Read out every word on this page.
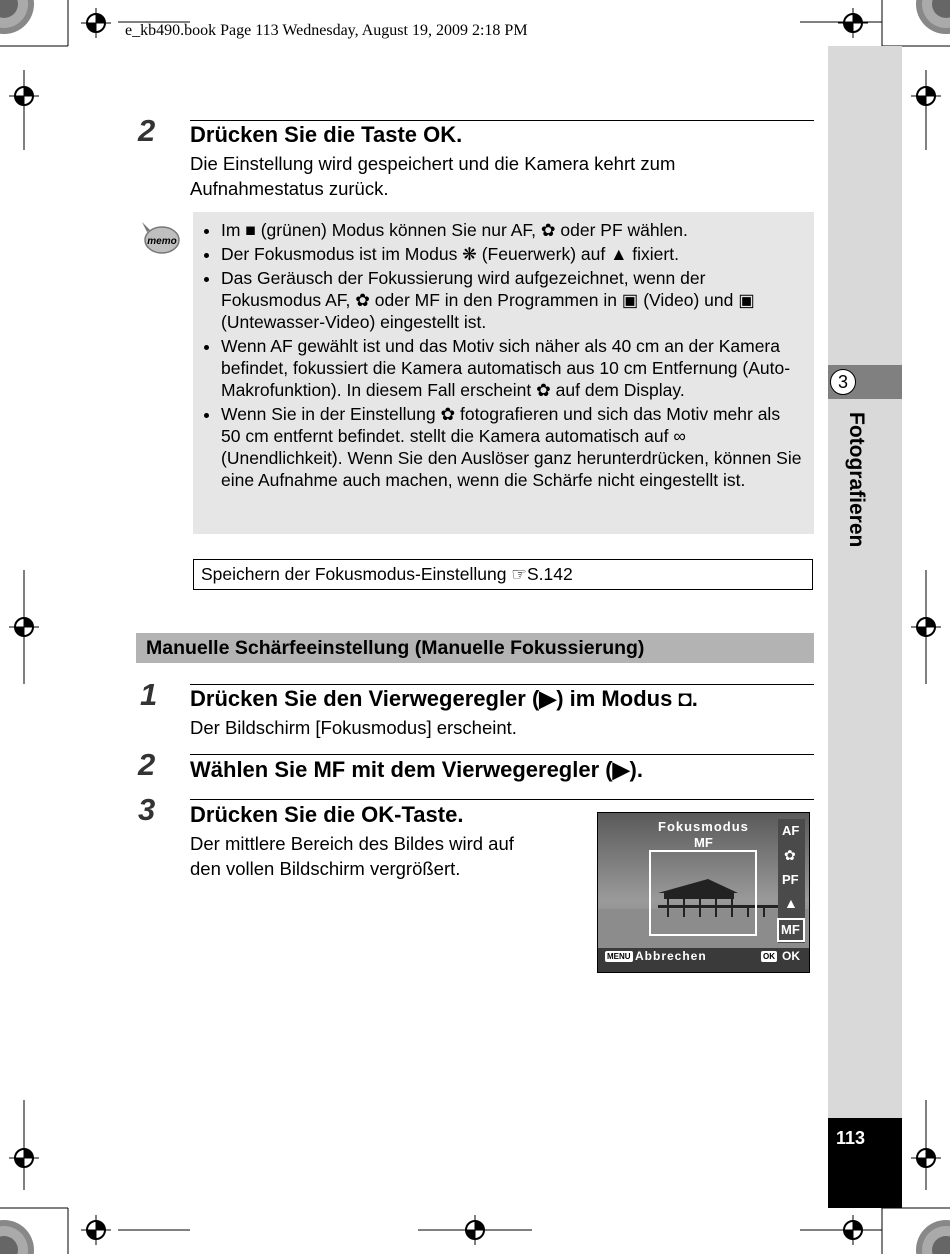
e_kb490.book Page 113 Wednesday, August 19, 2009 2:18 PM
3
Fotografieren
113
2 Drücken Sie die Taste OK.
Die Einstellung wird gespeichert und die Kamera kehrt zum
Aufnahmestatus zurück.
memo
• Im ■ (grünen) Modus können Sie nur AF, ✿ oder PF wählen.
• Der Fokusmodus ist im Modus ❋ (Feuerwerk) auf ▲ fixiert.
• Das Geräusch der Fokussierung wird aufgezeichnet, wenn der Fokusmodus AF, ✿ oder MF in den Programmen in ▣ (Video) und ▣ (Untewasser-Video) eingestellt ist.
• Wenn AF gewählt ist und das Motiv sich näher als 40 cm an der Kamera befindet, fokussiert die Kamera automatisch aus 10 cm Entfernung (Auto-Makrofunktion). In diesem Fall erscheint ✿ auf dem Display.
• Wenn Sie in der Einstellung ✿ fotografieren und sich das Motiv mehr als 50 cm entfernt befindet. stellt die Kamera automatisch auf ∞ (Unendlichkeit). Wenn Sie den Auslöser ganz herunterdrücken, können Sie eine Aufnahme auch machen, wenn die Schärfe nicht eingestellt ist.
Speichern der Fokusmodus-Einstellung ☞S.142
Manuelle Schärfeeinstellung (Manuelle Fokussierung)
1 Drücken Sie den Vierwegeregler (▶) im Modus ◘.
Der Bildschirm [Fokusmodus] erscheint.
2 Wählen Sie MF mit dem Vierwegeregler (▶).
3 Drücken Sie die OK-Taste.
Der mittlere Bereich des Bildes wird auf
den vollen Bildschirm vergrößert.
Fokusmodus
MF
AF
✿
PF
▲
MF
MENU Abbrechen	OK OK
